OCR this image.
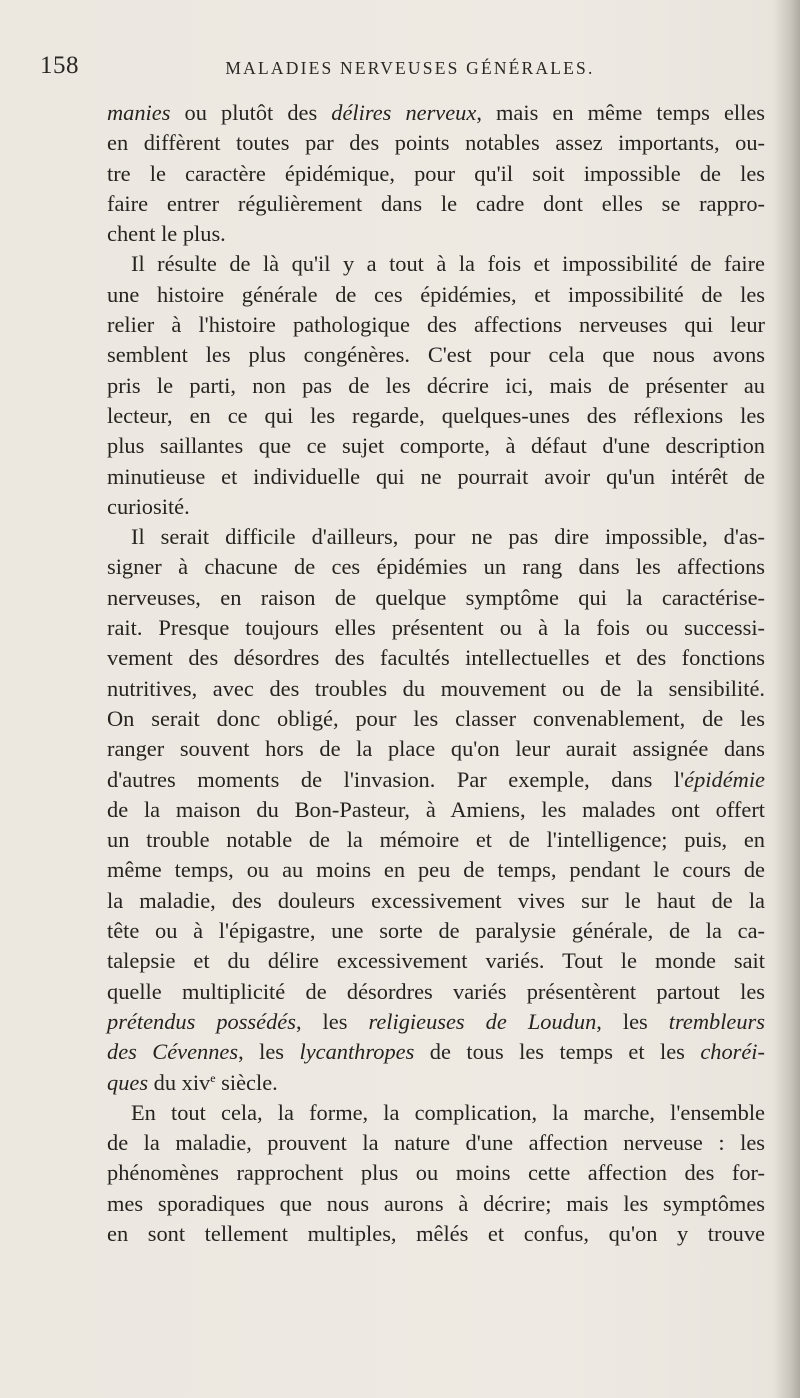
158	MALADIES NERVEUSES GÉNÉRALES.
manies ou plutôt des délires nerveux, mais en même temps elles
en diffèrent toutes par des points notables assez importants, ou-
tre le caractère épidémique, pour qu'il soit impossible de les
faire entrer régulièrement dans le cadre dont elles se rappro-
chent le plus.
Il résulte de là qu'il y a tout à la fois et impossibilité de faire
une histoire générale de ces épidémies, et impossibilité de les
relier à l'histoire pathologique des affections nerveuses qui leur
semblent les plus congénères. C'est pour cela que nous avons
pris le parti, non pas de les décrire ici, mais de présenter au
lecteur, en ce qui les regarde, quelques-unes des réflexions les
plus saillantes que ce sujet comporte, à défaut d'une description
minutieuse et individuelle qui ne pourrait avoir qu'un intérêt de
curiosité.
Il serait difficile d'ailleurs, pour ne pas dire impossible, d'as-
signer à chacune de ces épidémies un rang dans les affections
nerveuses, en raison de quelque symptôme qui la caractérise-
rait. Presque toujours elles présentent ou à la fois ou successi-
vement des désordres des facultés intellectuelles et des fonctions
nutritives, avec des troubles du mouvement ou de la sensibilité.
On serait donc obligé, pour les classer convenablement, de les
ranger souvent hors de la place qu'on leur aurait assignée dans
d'autres moments de l'invasion. Par exemple, dans l'épidémie
de la maison du Bon-Pasteur, à Amiens, les malades ont offert
un trouble notable de la mémoire et de l'intelligence; puis, en
même temps, ou au moins en peu de temps, pendant le cours de
la maladie, des douleurs excessivement vives sur le haut de la
tête ou à l'épigastre, une sorte de paralysie générale, de la ca-
talepsie et du délire excessivement variés. Tout le monde sait
quelle multiplicité de désordres variés présentèrent partout les
prétendus possédés, les religieuses de Loudun, les trembleurs
des Cévennes, les lycanthropes de tous les temps et les choréi-
ques du xiv$^e$ siècle.
En tout cela, la forme, la complication, la marche, l'ensemble
de la maladie, prouvent la nature d'une affection nerveuse : les
phénomènes rapprochent plus ou moins cette affection des for-
mes sporadiques que nous aurons à décrire; mais les symptômes
en sont tellement multiples, mêlés et confus, qu'on y trouve
